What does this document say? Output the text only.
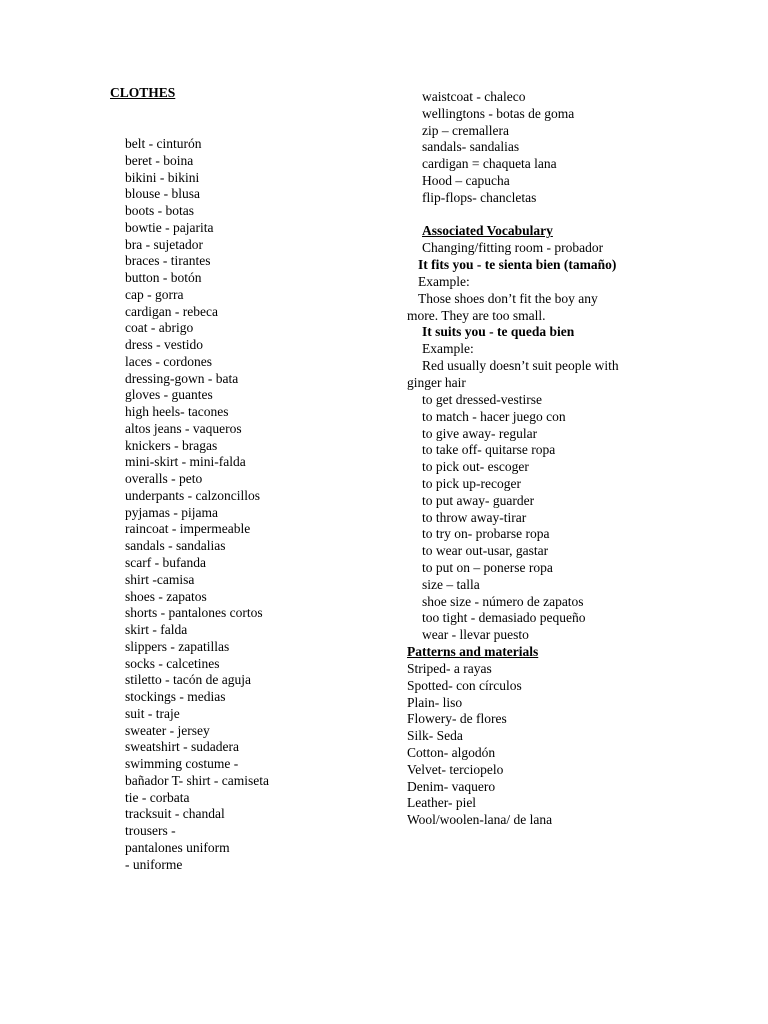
CLOTHES
belt - cinturón
beret - boina
bikini - bikini
blouse - blusa
boots - botas
bowtie - pajarita
bra - sujetador
braces - tirantes
button - botón
cap - gorra
cardigan - rebeca
coat - abrigo
dress - vestido
laces - cordones
dressing-gown - bata
gloves - guantes
high heels- tacones
altos jeans - vaqueros
knickers - bragas
mini-skirt - mini-falda
overalls - peto
underpants - calzoncillos
pyjamas - pijama
raincoat - impermeable
sandals - sandalias
scarf - bufanda
shirt -camisa
shoes - zapatos
shorts - pantalones cortos
skirt - falda
slippers - zapatillas
socks - calcetines
stiletto - tacón de aguja
stockings - medias
suit - traje
sweater - jersey
sweatshirt - sudadera
swimming costume -
bañador T- shirt - camiseta
tie - corbata
tracksuit - chandal
trousers -
pantalones uniform
- uniforme
waistcoat - chaleco
wellingtons - botas de goma
zip – cremallera
sandals- sandalias
cardigan = chaqueta lana
Hood – capucha
flip-flops- chancletas
Associated Vocabulary
Changing/fitting room - probador
It fits you - te sienta bien (tamaño)
Example:
Those shoes don’t fit the boy any
more. They are too small.
It suits you - te queda bien
Example:
Red usually doesn’t suit people with
ginger hair
to get dressed-vestirse
to match - hacer juego con
to give away- regular
to take off- quitarse ropa
to pick out- escoger
to pick up-recoger
to put away- guarder
to throw away-tirar
to try on- probarse ropa
to wear out-usar, gastar
to put on – ponerse ropa
size – talla
shoe size - número de zapatos
too tight - demasiado pequeño
wear - llevar puesto
Patterns and materials
Striped- a rayas
Spotted- con círculos
Plain- liso
Flowery- de flores
Silk- Seda
Cotton- algodón
Velvet- terciopelo
Denim- vaquero
Leather- piel
Wool/woolen-lana/ de lana
